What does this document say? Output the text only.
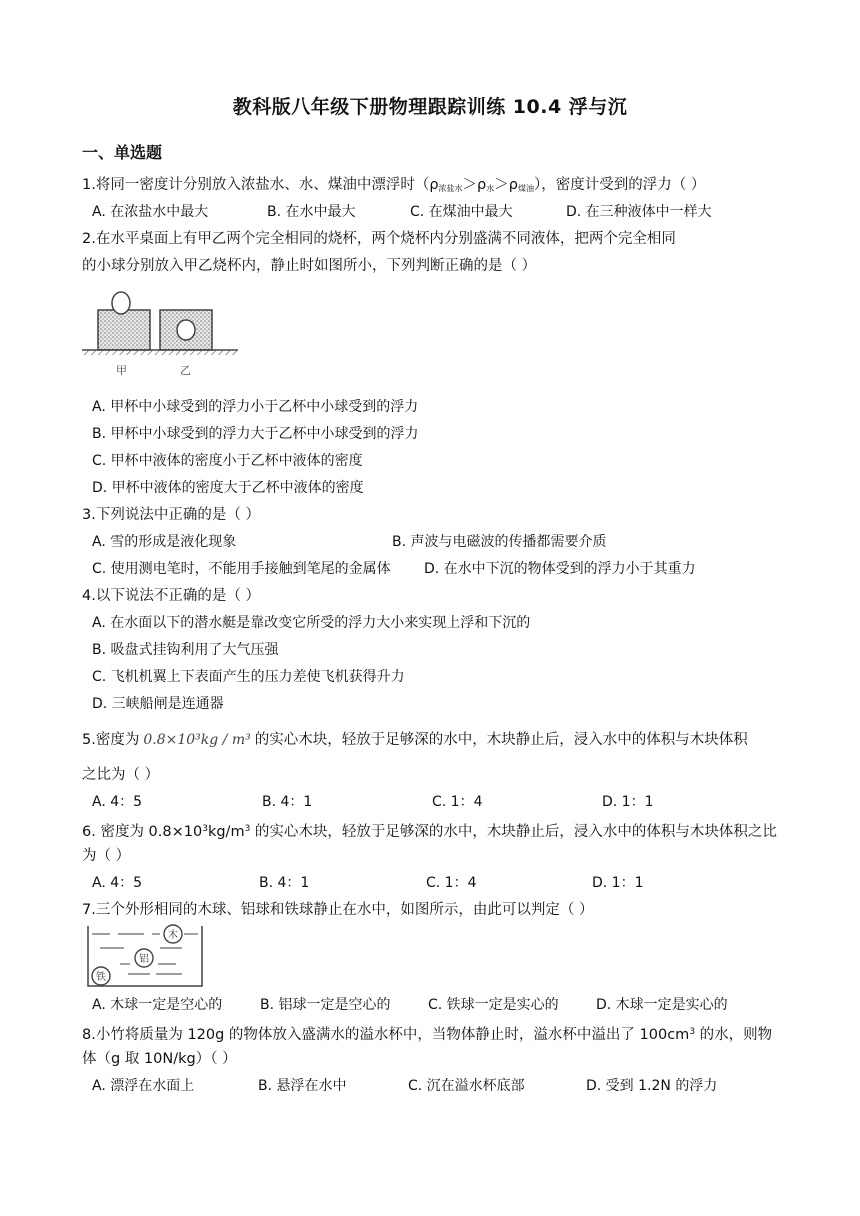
教科版八年级下册物理跟踪训练 10.4 浮与沉
一、单选题
1.将同一密度计分别放入浓盐水、水、煤油中漂浮时$(\rho_{浓盐水}>\rho_水>\rho_{煤油})$，密度计受到的浮力（ ）
A. 在浓盐水中最大	B. 在水中最大	C. 在煤油中最大	D. 在三种液体中一样大
2.在水平桌面上有甲乙两个完全相同的烧杯，两个烧杯内分别盛满不同液体，把两个完全相同
的小球分别放入甲乙烧杯内，静止时如图所小，下列判断正确的是（ ）
甲	乙
A. 甲杯中小球受到的浮力小于乙杯中小球受到的浮力
B. 甲杯中小球受到的浮力大于乙杯中小球受到的浮力
C. 甲杯中液体的密度小于乙杯中液体的密度
D. 甲杯中液体的密度大于乙杯中液体的密度
3.下列说法中正确的是（ ）
A. 雪的形成是液化现象	B. 声波与电磁波的传播都需要介质
C. 使用测电笔时，不能用手接触到笔尾的金属体 D. 在水中下沉的物体受到的浮力小于其重力
4.以下说法不正确的是（ ）
A. 在水面以下的潜水艇是靠改变它所受的浮力大小来实现上浮和下沉的
B. 吸盘式挂钩利用了大气压强
C. 飞机机翼上下表面产生的压力差使飞机获得升力
D. 三峡船闸是连通器
5.密度为 0.8×10³kg / m³ 的实心木块，轻放于足够深的水中，木块静止后，浸入水中的体积与木块体积
之比为（ ）
A. 4：5	B. 4：1	C. 1：4	D. 1：1
6. 密度为 $0.8\times 10^3kg/m^3$ 的实心木块，轻放于足够深的水中，木块静止后，浸入水中的体积与木块体积之比
为（ ）
A. 4：5	B. 4：1	C. 1：4	D. 1：1
7.三个外形相同的木球、铝球和铁球静止在水中，如图所示，由此可以判定（ ）
木
铝
铁
A. 木球一定是空心的	B. 铝球一定是空心的	C. 铁球一定是实心的	D. 木球一定是实心的
8.小竹将质量为 120g 的物体放入盛满水的溢水杯中，当物体静止时，溢水杯中溢出了 $100cm^3$ 的水，则物
体（g 取 10N/kg）（ ）
A. 漂浮在水面上	B. 悬浮在水中	C. 沉在溢水杯底部	D. 受到 1.2N 的浮力
